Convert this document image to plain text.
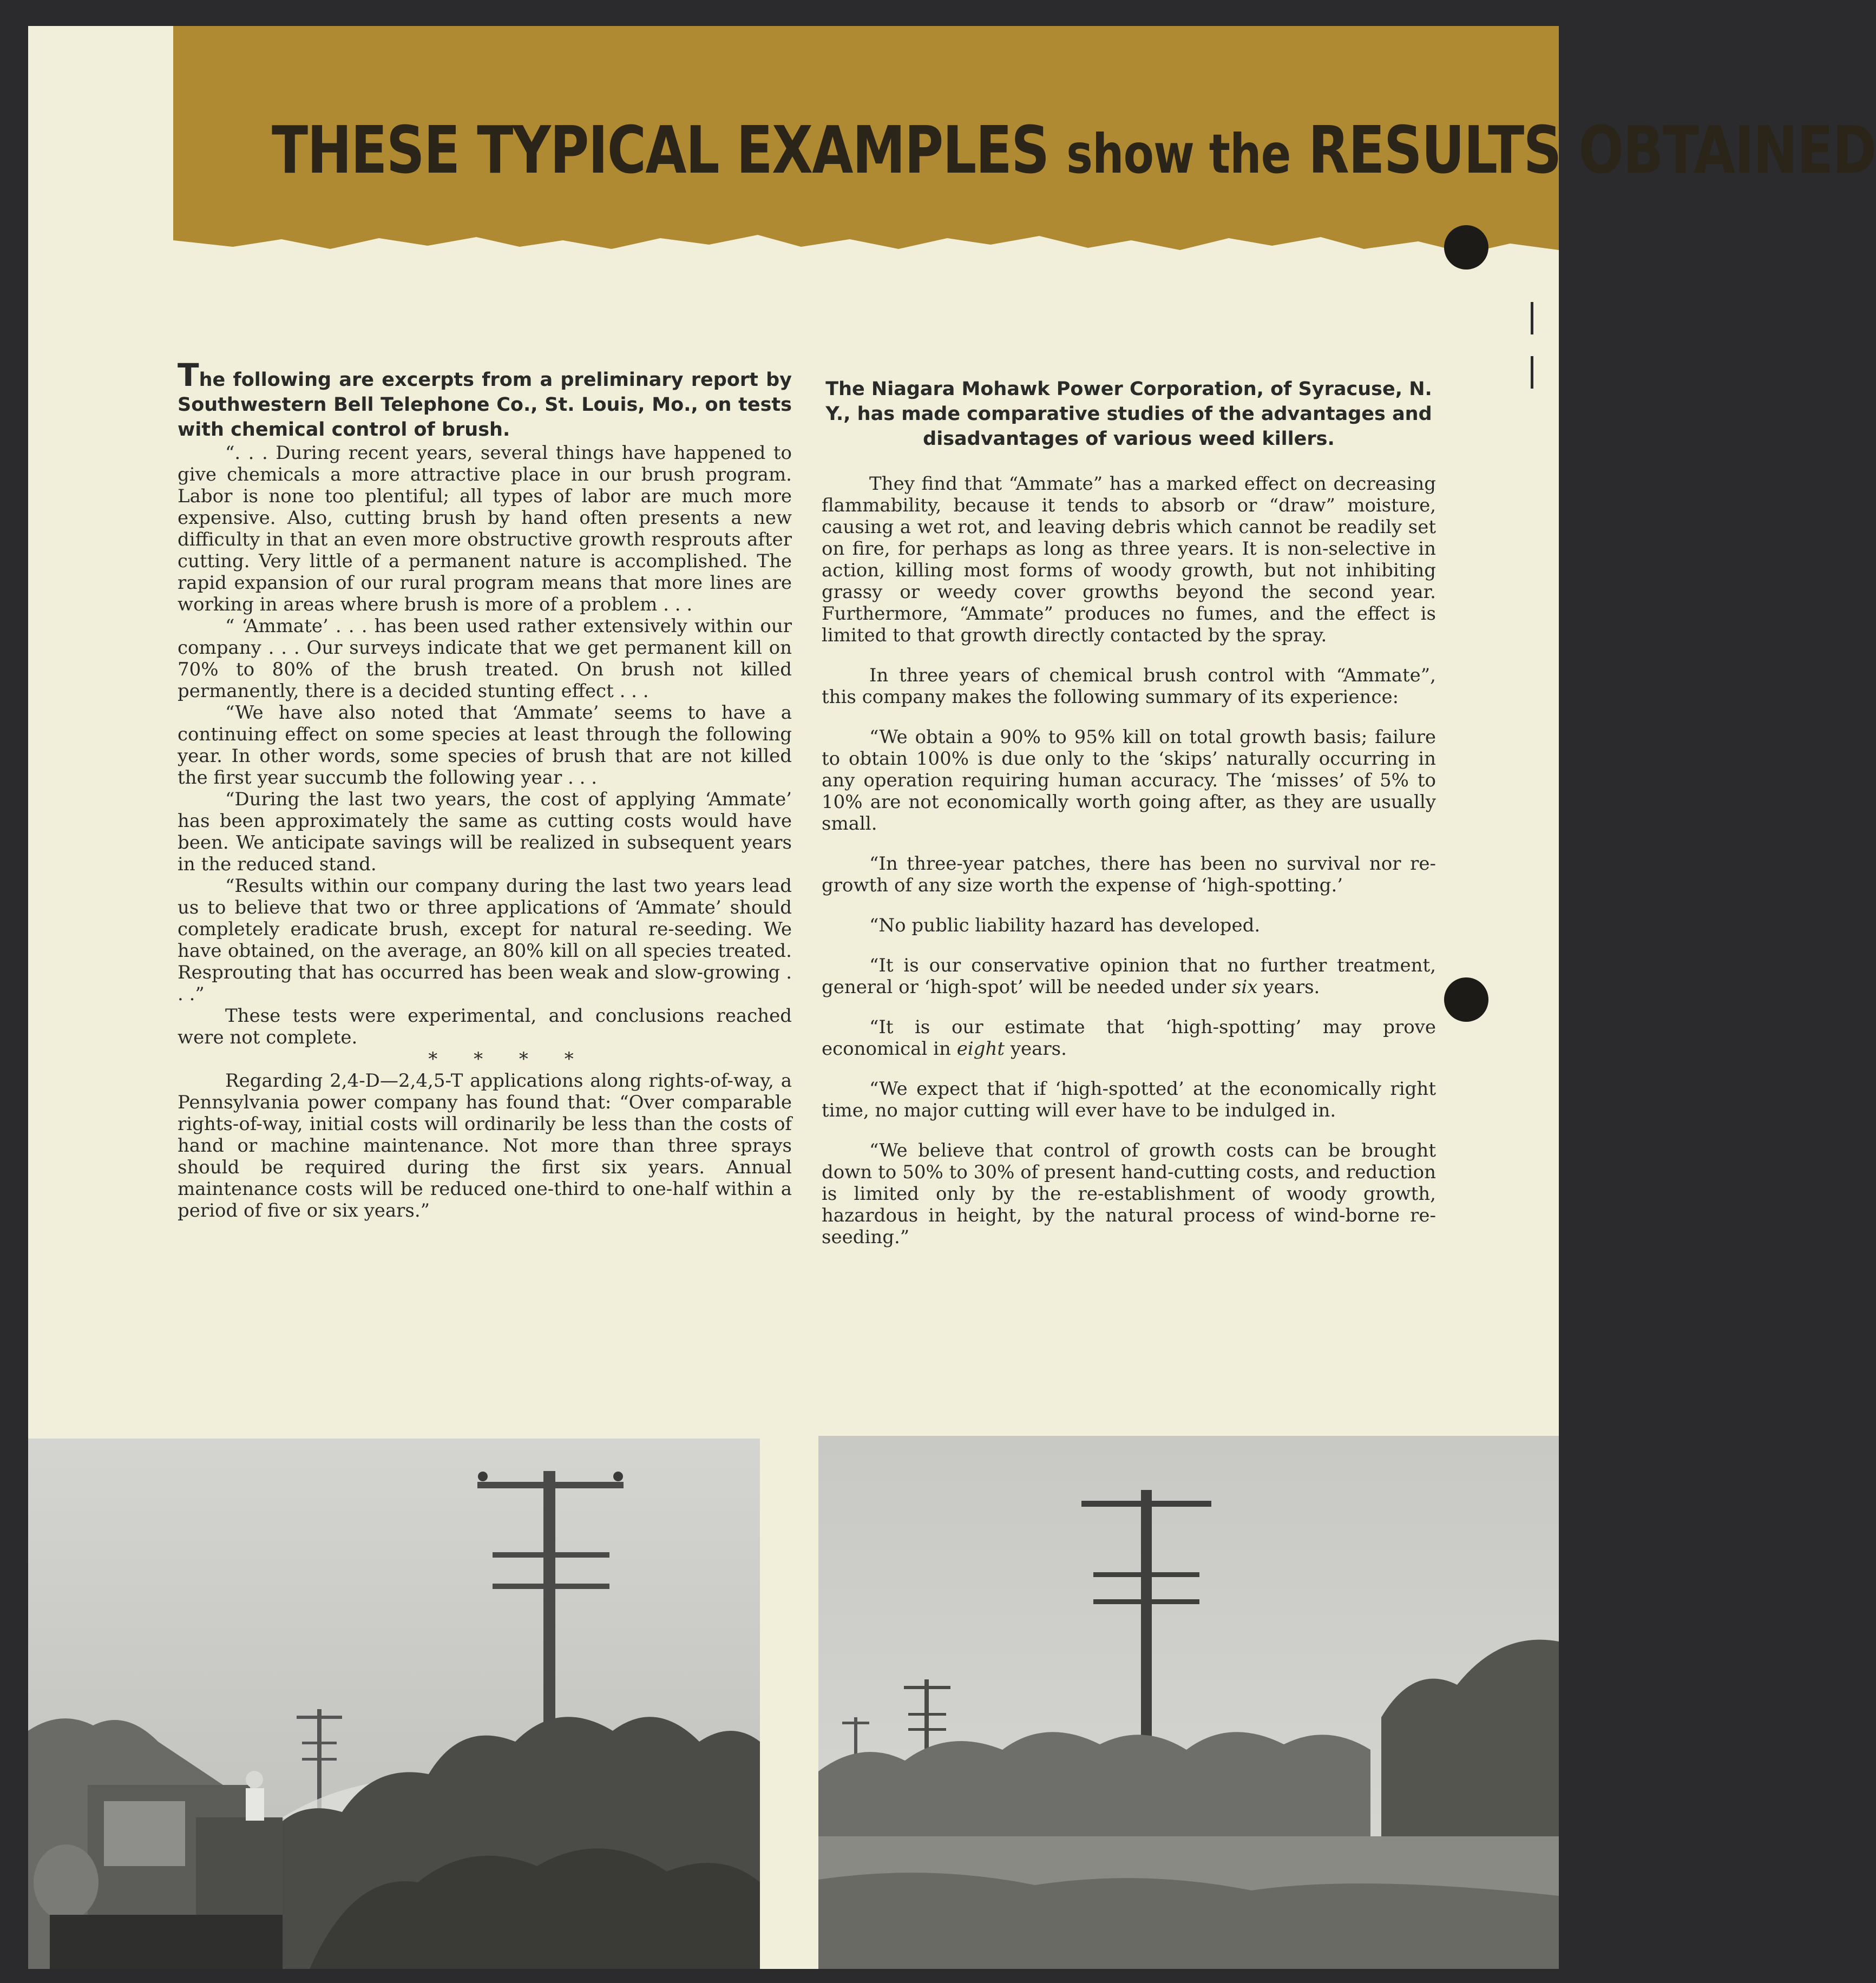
THESE TYPICAL EXAMPLES show the RESULTS OBTAINED

The following are excerpts from a preliminary report by Southwestern Bell Telephone Co., St. Louis, Mo., on tests with chemical control of brush.

“. . . During recent years, several things have happened to give chemicals a more attractive place in our brush program. Labor is none too plentiful; all types of labor are much more expensive. Also, cutting brush by hand often presents a new difficulty in that an even more obstructive growth resprouts after cutting. Very little of a permanent nature is accomplished. The rapid expansion of our rural program means that more lines are working in areas where brush is more of a problem . . .

“ ‘Ammate’ . . . has been used rather extensively within our company . . . Our surveys indicate that we get permanent kill on 70% to 80% of the brush treated. On brush not killed permanently, there is a decided stunting effect . . .

“We have also noted that ‘Ammate’ seems to have a continuing effect on some species at least through the following year. In other words, some species of brush that are not killed the first year succumb the following year . . .

“During the last two years, the cost of applying ‘Ammate’ has been approximately the same as cutting costs would have been. We anticipate savings will be realized in subsequent years in the reduced stand.

“Results within our company during the last two years lead us to believe that two or three applications of ‘Ammate’ should completely eradicate brush, except for natural re-seeding. We have obtained, on the average, an 80% kill on all species treated. Resprouting that has occurred has been weak and slow-growing . . .”

These tests were experimental, and conclusions reached were not complete.

* * * *

Regarding 2,4-D—2,4,5-T applications along rights-of-way, a Pennsylvania power company has found that: “Over comparable rights-of-way, initial costs will ordinarily be less than the costs of hand or machine maintenance. Not more than three sprays should be required during the first six years. Annual maintenance costs will be reduced one-third to one-half within a period of five or six years.”

The Niagara Mohawk Power Corporation, of Syracuse, N. Y., has made comparative studies of the advantages and disadvantages of various weed killers.

They find that “Ammate” has a marked effect on decreasing flammability, because it tends to absorb or “draw” moisture, causing a wet rot, and leaving debris which cannot be readily set on fire, for perhaps as long as three years. It is non-selective in action, killing most forms of woody growth, but not inhibiting grassy or weedy cover growths beyond the second year. Furthermore, “Ammate” produces no fumes, and the effect is limited to that growth directly contacted by the spray.

In three years of chemical brush control with “Ammate”, this company makes the following summary of its experience:

“We obtain a 90% to 95% kill on total growth basis; failure to obtain 100% is due only to the ‘skips’ naturally occurring in any operation requiring human accuracy. The ‘misses’ of 5% to 10% are not economically worth going after, as they are usually small.

“In three-year patches, there has been no survival nor re-growth of any size worth the expense of ‘high-spotting.’

“No public liability hazard has developed.

“It is our conservative opinion that no further treatment, general or ‘high-spot’ will be needed under six years.

“It is our estimate that ‘high-spotting’ may prove economical in eight years.

“We expect that if ‘high-spotted’ at the economically right time, no major cutting will ever have to be indulged in.

“We believe that control of growth costs can be brought down to 50% to 30% of present hand-cutting costs, and reduction is limited only by the re-establishment of woody growth, hazardous in height, by the natural process of wind-borne re-seeding.”
